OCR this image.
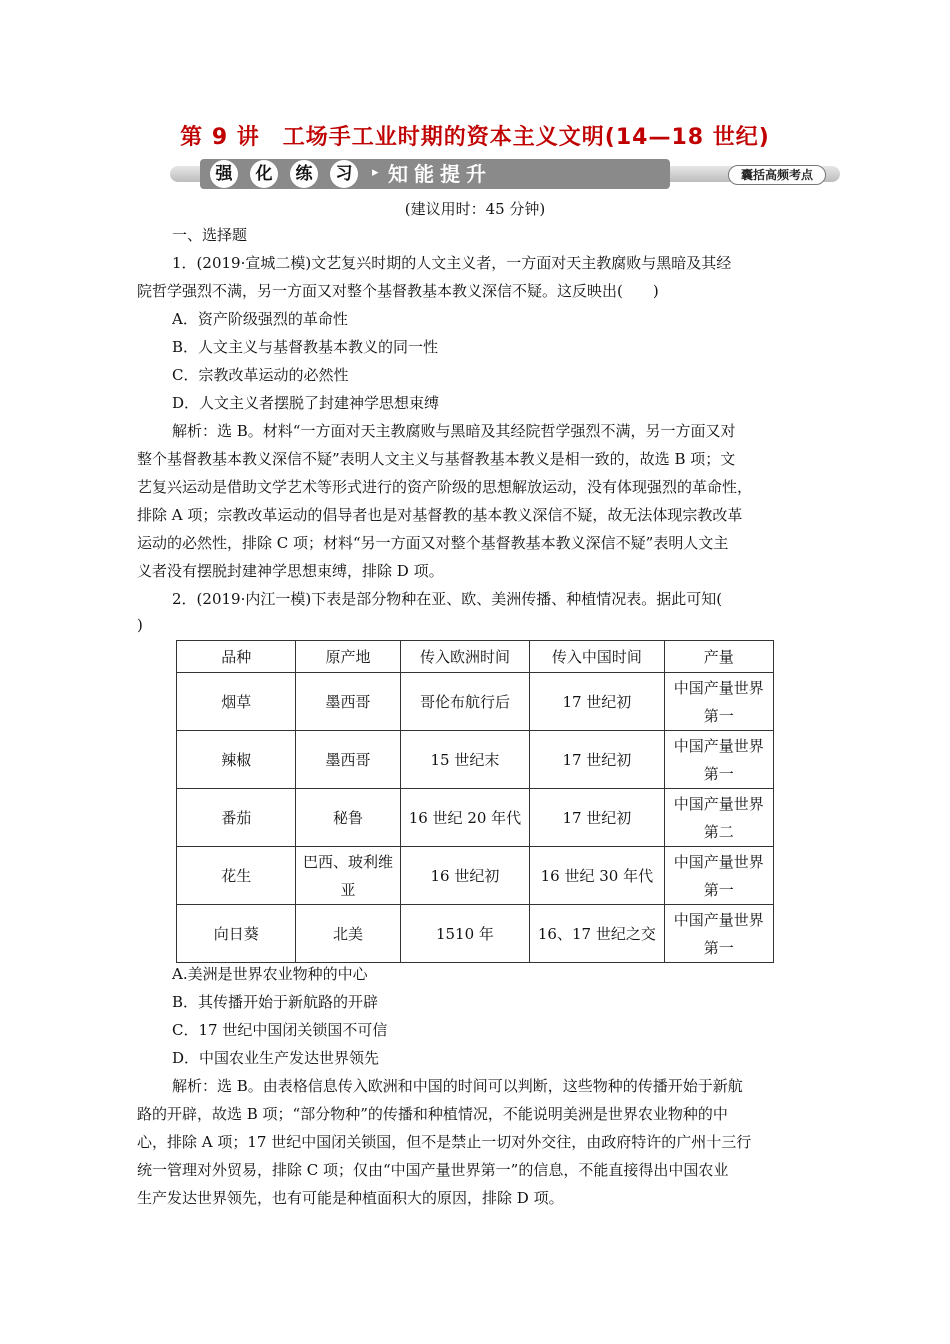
第 9 讲　工场手工业时期的资本主义文明(14—18 世纪)
强	化	练	习	▸ 知能提升	囊括高频考点
(建议用时：45 分钟)
一、选择题
1．(2019·宣城二模)文艺复兴时期的人文主义者，一方面对天主教腐败与黑暗及其经
院哲学强烈不满，另一方面又对整个基督教基本教义深信不疑。这反映出(　　)
A．资产阶级强烈的革命性
B．人文主义与基督教基本教义的同一性
C．宗教改革运动的必然性
D．人文主义者摆脱了封建神学思想束缚
解析：选 B。材料“一方面对天主教腐败与黑暗及其经院哲学强烈不满，另一方面又对
整个基督教基本教义深信不疑”表明人文主义与基督教基本教义是相一致的，故选 B 项；文
艺复兴运动是借助文学艺术等形式进行的资产阶级的思想解放运动，没有体现强烈的革命性，
排除 A 项；宗教改革运动的倡导者也是对基督教的基本教义深信不疑，故无法体现宗教改革
运动的必然性，排除 C 项；材料“另一方面又对整个基督教基本教义深信不疑”表明人文主
义者没有摆脱封建神学思想束缚，排除 D 项。
2．(2019·内江一模)下表是部分物种在亚、欧、美洲传播、种植情况表。据此可知(
)
品种	原产地	传入欧洲时间	传入中国时间	产量
烟草	墨西哥	哥伦布航行后	17 世纪初	中国产量世界第一
辣椒	墨西哥	15 世纪末	17 世纪初	中国产量世界第一
番茄	秘鲁	16 世纪 20 年代	17 世纪初	中国产量世界第二
花生	巴西、玻利维亚	16 世纪初	16 世纪 30 年代	中国产量世界第一
向日葵	北美	1510 年	16、17 世纪之交	中国产量世界第一
A.美洲是世界农业物种的中心
B．其传播开始于新航路的开辟
C．17 世纪中国闭关锁国不可信
D．中国农业生产发达世界领先
解析：选 B。由表格信息传入欧洲和中国的时间可以判断，这些物种的传播开始于新航
路的开辟，故选 B 项；“部分物种”的传播和种植情况，不能说明美洲是世界农业物种的中
心，排除 A 项；17 世纪中国闭关锁国，但不是禁止一切对外交往，由政府特许的广州十三行
统一管理对外贸易，排除 C 项；仅由“中国产量世界第一”的信息，不能直接得出中国农业
生产发达世界领先，也有可能是种植面积大的原因，排除 D 项。
